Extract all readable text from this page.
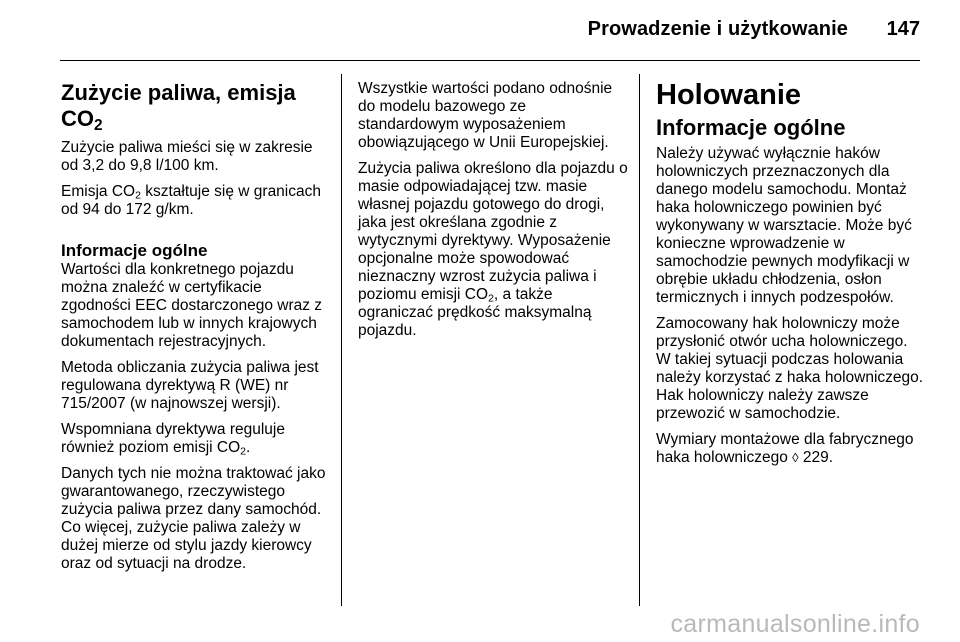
Prowadzenie i użytkowanie 147
Zużycie paliwa, emisja
$CO_2$

Zużycie paliwa mieści się w zakresie od 3,2 do 9,8 l/100 km.

Emisja $CO_2$ kształtuje się w granicach od 94 do 172 g/km.

Informacje ogólne

Wartości dla konkretnego pojazdu można znaleźć w certyfikacie zgodności EEC dostarczonego wraz z samochodem lub w innych krajowych dokumentach rejestracyjnych.

Metoda obliczania zużycia paliwa jest regulowana dyrektywą R (WE) nr 715/2007 (w najnowszej wersji).

Wspomniana dyrektywa reguluje również poziom emisji $CO_2$.

Danych tych nie można traktować jako gwarantowanego, rzeczywistego zużycia paliwa przez dany samochód. Co więcej, zużycie paliwa zależy w dużej mierze od stylu jazdy kierowcy oraz od sytuacji na drodze.

Wszystkie wartości podano odnośnie do modelu bazowego ze standardowym wyposażeniem obowiązującego w Unii Europejskiej.

Zużycia paliwa określono dla pojazdu o masie odpowiadającej tzw. masie własnej pojazdu gotowego do drogi, jaka jest określana zgodnie z wytycznymi dyrektywy. Wyposażenie opcjonalne może spowodować nieznaczny wzrost zużycia paliwa i poziomu emisji $CO_2$, a także ograniczać prędkość maksymalną pojazdu.

Holowanie
Informacje ogólne

Należy używać wyłącznie haków holowniczych przeznaczonych dla danego modelu samochodu. Montaż haka holowniczego powinien być wykonywany w warsztacie. Może być konieczne wprowadzenie w samochodzie pewnych modyfikacji w obrębie układu chłodzenia, osłon termicznych i innych podzespołów.

Zamocowany hak holowniczy może przysłonić otwór ucha holowniczego. W takiej sytuacji podczas holowania należy korzystać z haka holowniczego. Hak holowniczy należy zawsze przewozić w samochodzie.

Wymiary montażowe dla fabrycznego haka holowniczego ◊ 229.

carmanualsonline.info
